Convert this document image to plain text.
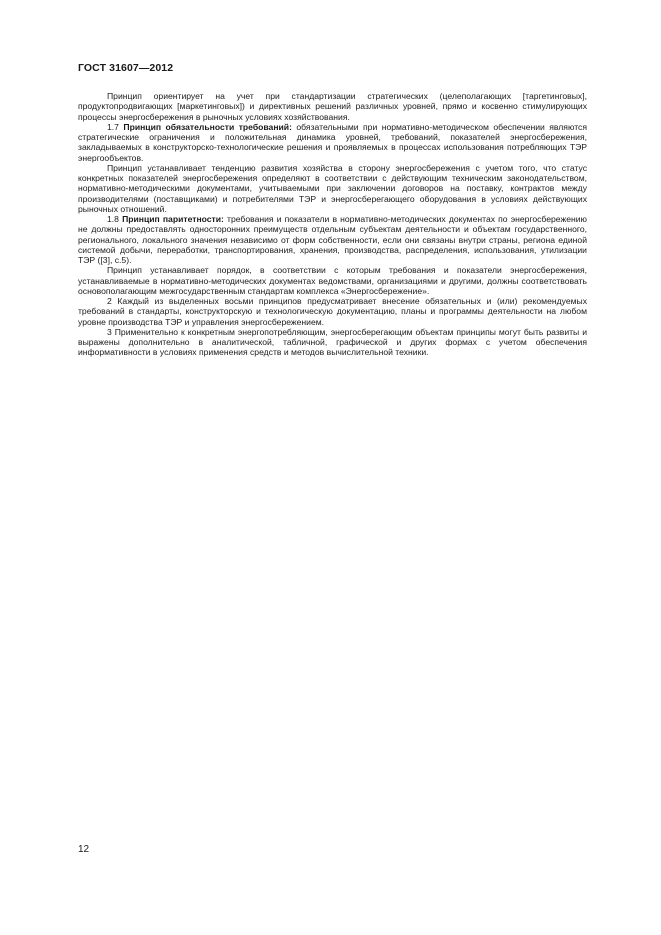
ГОСТ 31607—2012

Принцип ориентирует на учет при стандартизации стратегических (целеполагающих [таргетинговых], продуктопродвигающих [маркетинговых]) и директивных решений различных уровней, прямо и косвенно стимулирующих процессы энергосбережения в рыночных условиях хозяйствования.

1.7 Принцип обязательности требований: обязательными при нормативно-методическом обеспечении являются стратегические ограничения и положительная динамика уровней, требований, показателей энергосбережения, закладываемых в конструкторско-технологические решения и проявляемых в процессах использования потребляющих ТЭР энергообъектов.

Принцип устанавливает тенденцию развития хозяйства в сторону энергосбережения с учетом того, что статус конкретных показателей энергосбережения определяют в соответствии с действующим техническим законодательством, нормативно-методическими документами, учитываемыми при заключении договоров на поставку, контрактов между производителями (поставщиками) и потребителями ТЭР и энергосберегающего оборудования в условиях действующих рыночных отношений.

1.8 Принцип паритетности: требования и показатели в нормативно-методических документах по энергосбережению не должны предоставлять односторонних преимуществ отдельным субъектам деятельности и объектам государственного, регионального, локального значения независимо от форм собственности, если они связаны внутри страны, региона единой системой добычи, переработки, транспортирования, хранения, производства, распределения, использования, утилизации ТЭР ([3], с.5).

Принцип устанавливает порядок, в соответствии с которым требования и показатели энергосбережения, устанавливаемые в нормативно-методических документах ведомствами, организациями и другими, должны соответствовать основополагающим межгосударственным стандартам комплекса «Энергосбережение».

2 Каждый из выделенных восьми принципов предусматривает внесение обязательных и (или) рекомендуемых требований в стандарты, конструкторскую и технологическую документацию, планы и программы деятельности на любом уровне производства ТЭР и управления энергосбережением.

3 Применительно к конкретным энергопотребляющим, энергосберегающим объектам принципы могут быть развиты и выражены дополнительно в аналитической, табличной, графической и других формах с учетом обеспечения информативности в условиях применения средств и методов вычислительной техники.

12
